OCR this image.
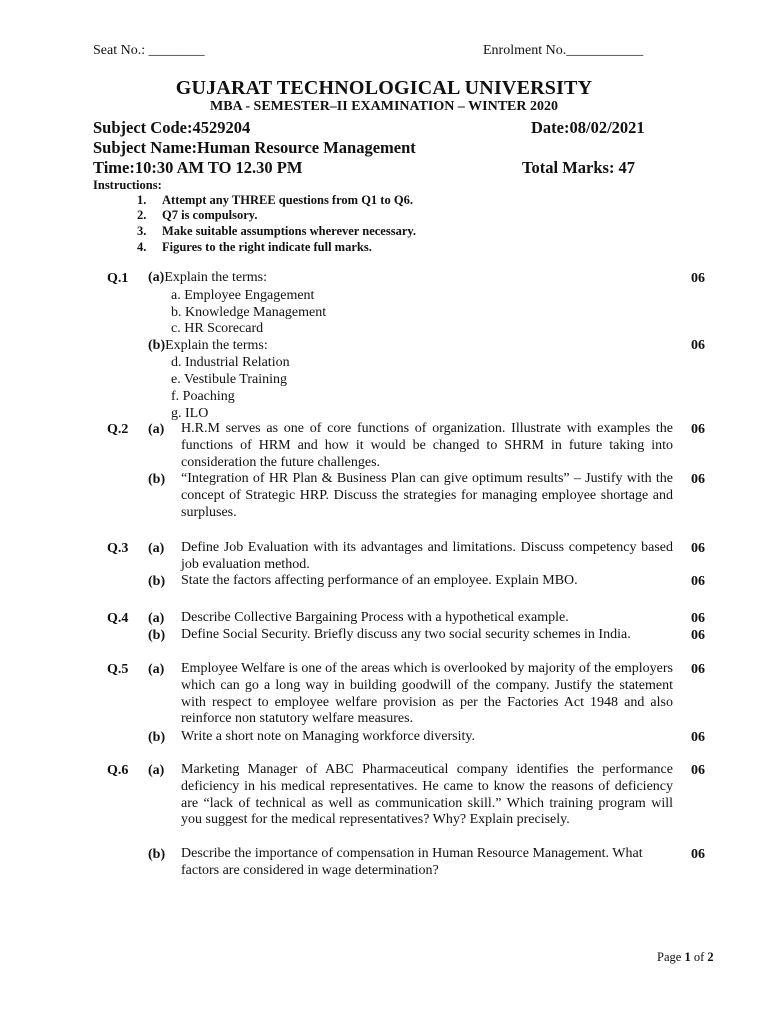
Seat No.: ________	Enrolment No.___________
GUJARAT TECHNOLOGICAL UNIVERSITY
MBA - SEMESTER–II EXAMINATION – WINTER 2020
Subject Code:4529204	Date:08/02/2021
Subject Name:Human Resource Management
Time:10:30 AM TO 12.30 PM	Total Marks: 47
Instructions:
1. Attempt any THREE questions from Q1 to Q6.
2. Q7 is compulsory.
3. Make suitable assumptions wherever necessary.
4. Figures to the right indicate full marks.
Q.1 (a)Explain the terms:	06
a. Employee Engagement
b. Knowledge Management
c. HR Scorecard
(b)Explain the terms:	06
d. Industrial Relation
e. Vestibule Training
f. Poaching
g. ILO
Q.2 (a) H.R.M serves as one of core functions of organization. Illustrate with examples the functions of HRM and how it would be changed to SHRM in future taking into consideration the future challenges.
06
(b) “Integration of HR Plan & Business Plan can give optimum results” – Justify with the concept of Strategic HRP. Discuss the strategies for managing employee shortage and surpluses.
06
Q.3 (a) Define Job Evaluation with its advantages and limitations. Discuss competency based job evaluation method.
06
(b) State the factors affecting performance of an employee. Explain MBO.	06
Q.4 (a) Describe Collective Bargaining Process with a hypothetical example.	06
(b) Define Social Security. Briefly discuss any two social security schemes in India.	06
Q.5 (a) Employee Welfare is one of the areas which is overlooked by majority of the employers which can go a long way in building goodwill of the company. Justify the statement with respect to employee welfare provision as per the Factories Act 1948 and also reinforce non statutory welfare measures.
06
(b) Write a short note on Managing workforce diversity.	06
Q.6 (a) Marketing Manager of ABC Pharmaceutical company identifies the performance deficiency in his medical representatives. He came to know the reasons of deficiency are “lack of technical as well as communication skill.” Which training program will you suggest for the medical representatives? Why? Explain precisely.
06
(b) Describe the importance of compensation in Human Resource Management. What factors are considered in wage determination?
06
Page 1 of 2
